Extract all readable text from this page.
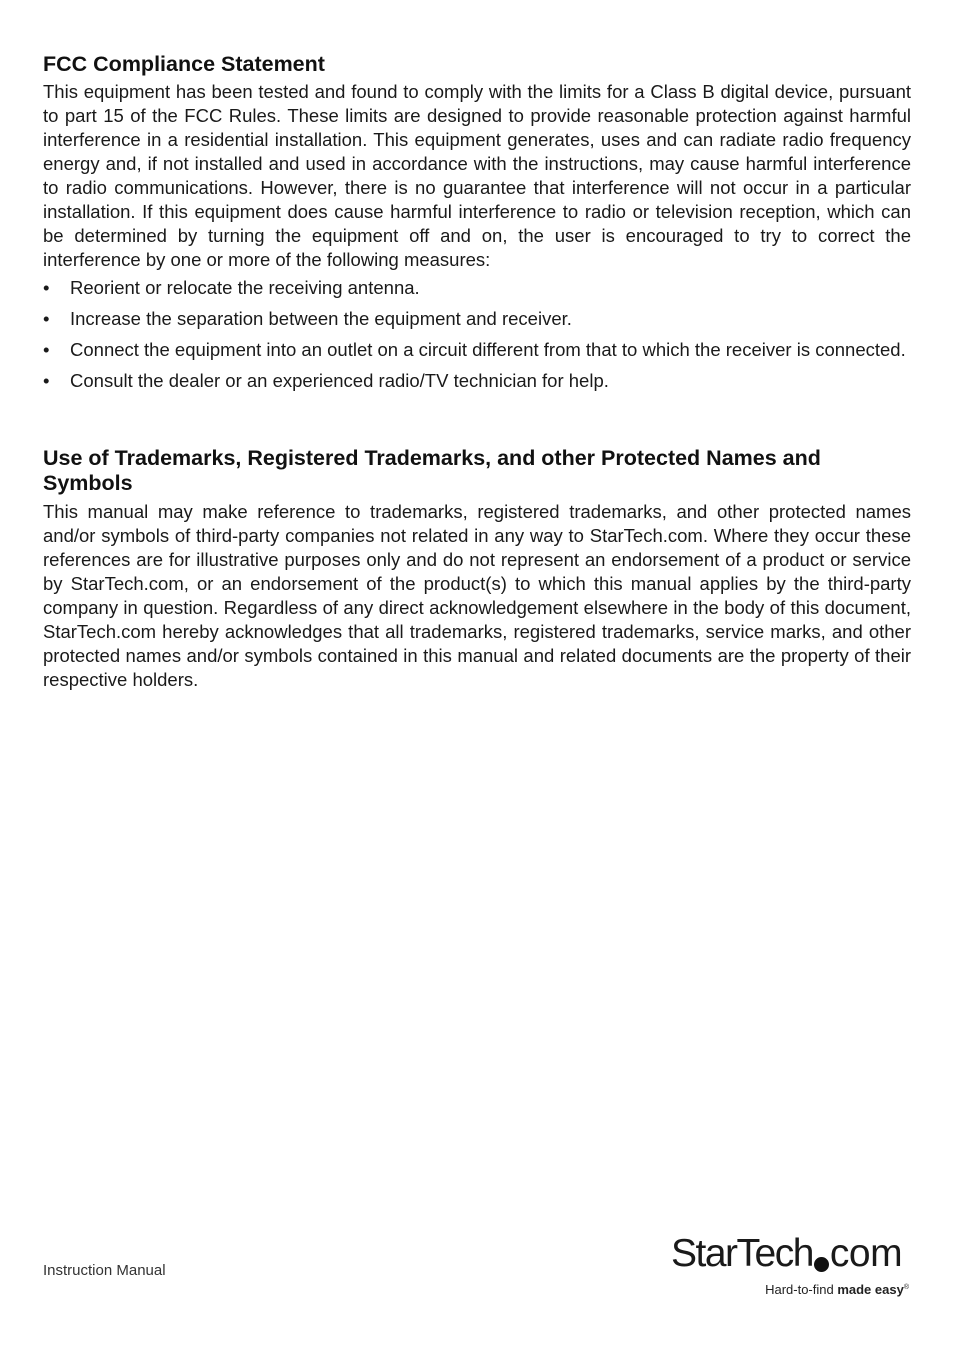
FCC Compliance Statement

This equipment has been tested and found to comply with the limits for a Class B digital device, pursuant to part 15 of the FCC Rules. These limits are designed to provide reasonable protection against harmful interference in a residential installation. This equipment generates, uses and can radiate radio frequency energy and, if not installed and used in accordance with the instructions, may cause harmful interference to radio communications. However, there is no guarantee that interference will not occur in a particular installation. If this equipment does cause harmful interference to radio or television reception, which can be determined by turning the equipment off and on, the user is encouraged to try to correct the interference by one or more of the following measures:

• Reorient or relocate the receiving antenna.
• Increase the separation between the equipment and receiver.
• Connect the equipment into an outlet on a circuit different from that to which the receiver is connected.
• Consult the dealer or an experienced radio/TV technician for help.
Use of Trademarks, Registered Trademarks, and other Protected Names and Symbols

This manual may make reference to trademarks, registered trademarks, and other protected names and/or symbols of third-party companies not related in any way to StarTech.com. Where they occur these references are for illustrative purposes only and do not represent an endorsement of a product or service by StarTech.com, or an endorsement of the product(s) to which this manual applies by the third-party company in question. Regardless of any direct acknowledgement elsewhere in the body of this document, StarTech.com hereby acknowledges that all trademarks, registered trademarks, service marks, and other protected names and/or symbols contained in this manual and related documents are the property of their respective holders.

Instruction Manual	StarTech com
Hard-to-find made easy®
